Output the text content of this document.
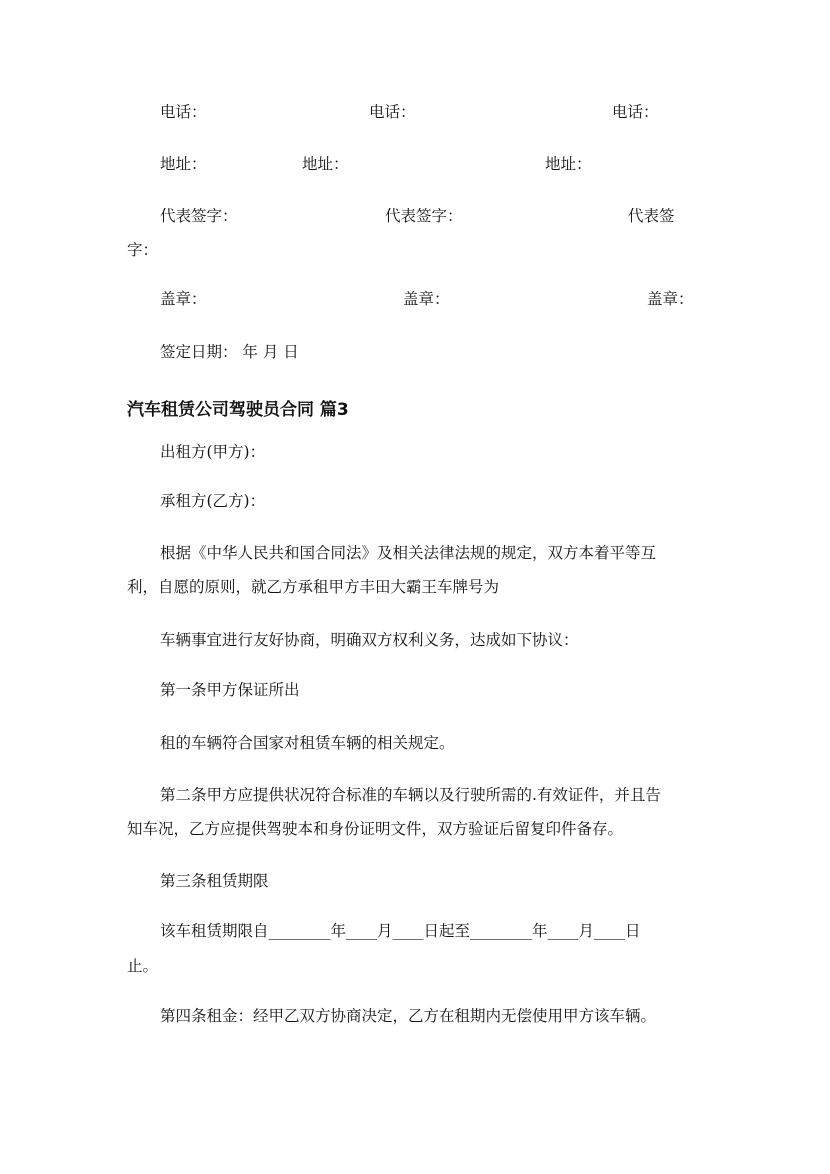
电话：	电话：	电话：
地址：	地址：	地址：
代表签字：	代表签字：	代表签
字：
盖章：	盖章：	盖章：
签定日期： 年 月 日
汽车租赁公司驾驶员合同 篇3
出租方(甲方)：
承租方(乙方)：
根据《中华人民共和国合同法》及相关法律法规的规定，双方本着平等互
利，自愿的原则，就乙方承租甲方丰田大霸王车牌号为
车辆事宜进行友好协商，明确双方权利义务，达成如下协议：
第一条甲方保证所出
租的车辆符合国家对租赁车辆的相关规定。
第二条甲方应提供状况符合标准的车辆以及行驶所需的.有效证件，并且告
知车况，乙方应提供驾驶本和身份证明文件，双方验证后留复印件备存。
第三条租赁期限
该车租赁期限自________年____月____日起至________年____月____日
止。
第四条租金：经甲乙双方协商决定，乙方在租期内无偿使用甲方该车辆。
